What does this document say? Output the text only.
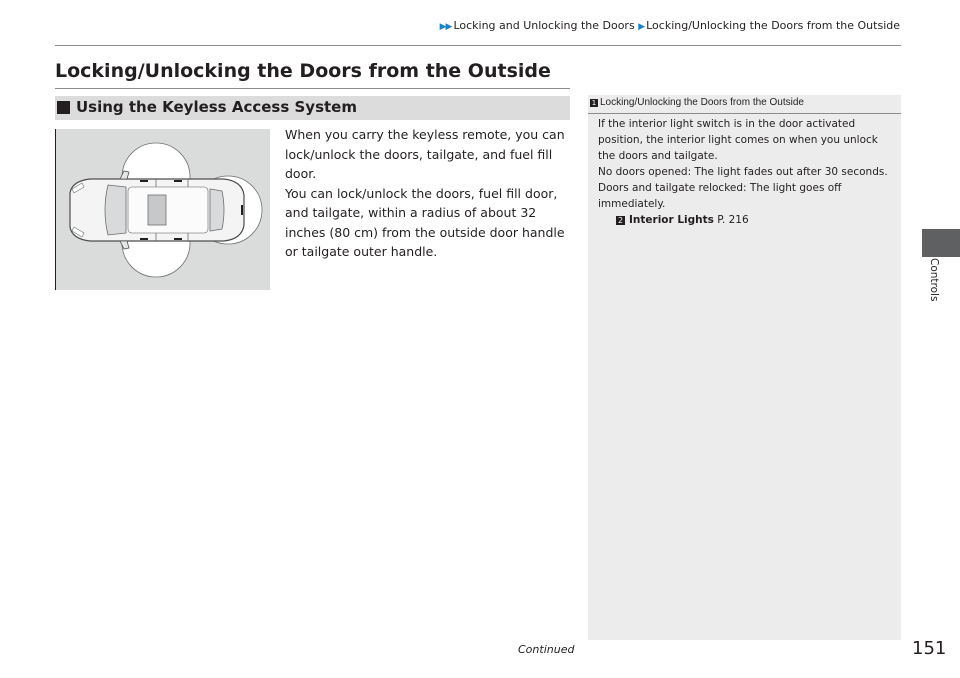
▶▶ Locking and Unlocking the Doors ▶ Locking/Unlocking the Doors from the Outside
Locking/Unlocking the Doors from the Outside
Using the Keyless Access System

When you carry the keyless remote, you can lock/unlock the doors, tailgate, and fuel fill door.

You can lock/unlock the doors, fuel fill door, and tailgate, within a radius of about 32 inches (80 cm) from the outside door handle or tailgate outer handle.

1 Locking/Unlocking the Doors from the Outside

If the interior light switch is in the door activated position, the interior light comes on when you unlock the doors and tailgate.

No doors opened: The light fades out after 30 seconds.

Doors and tailgate relocked: The light goes off immediately.

2 Interior Lights P. 216

Controls
Continued	151
